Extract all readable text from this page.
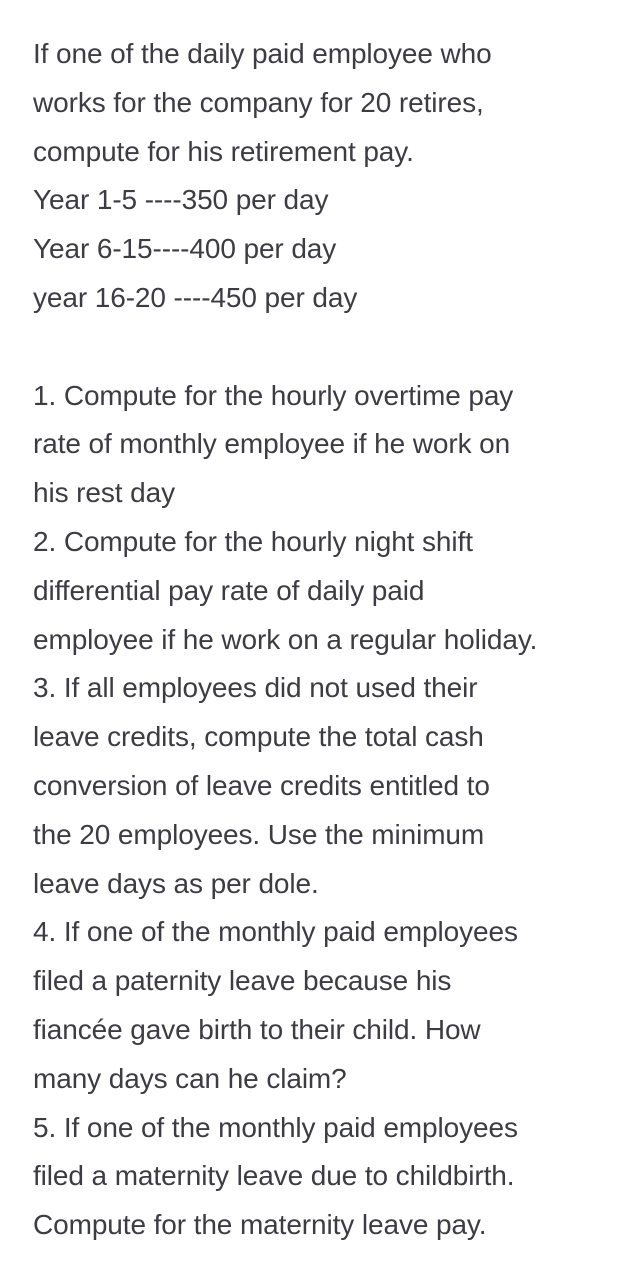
If one of the daily paid employee who
works for the company for 20 retires,
compute for his retirement pay.
Year 1-5 ----350 per day
Year 6-15----400 per day
year 16-20 ----450 per day
1. Compute for the hourly overtime pay
rate of monthly employee if he work on
his rest day
2. Compute for the hourly night shift
differential pay rate of daily paid
employee if he work on a regular holiday.
3. If all employees did not used their
leave credits, compute the total cash
conversion of leave credits entitled to
the 20 employees. Use the minimum
leave days as per dole.
4. If one of the monthly paid employees
filed a paternity leave because his
fiancée gave birth to their child. How
many days can he claim?
5. If one of the monthly paid employees
filed a maternity leave due to childbirth.
Compute for the maternity leave pay.
